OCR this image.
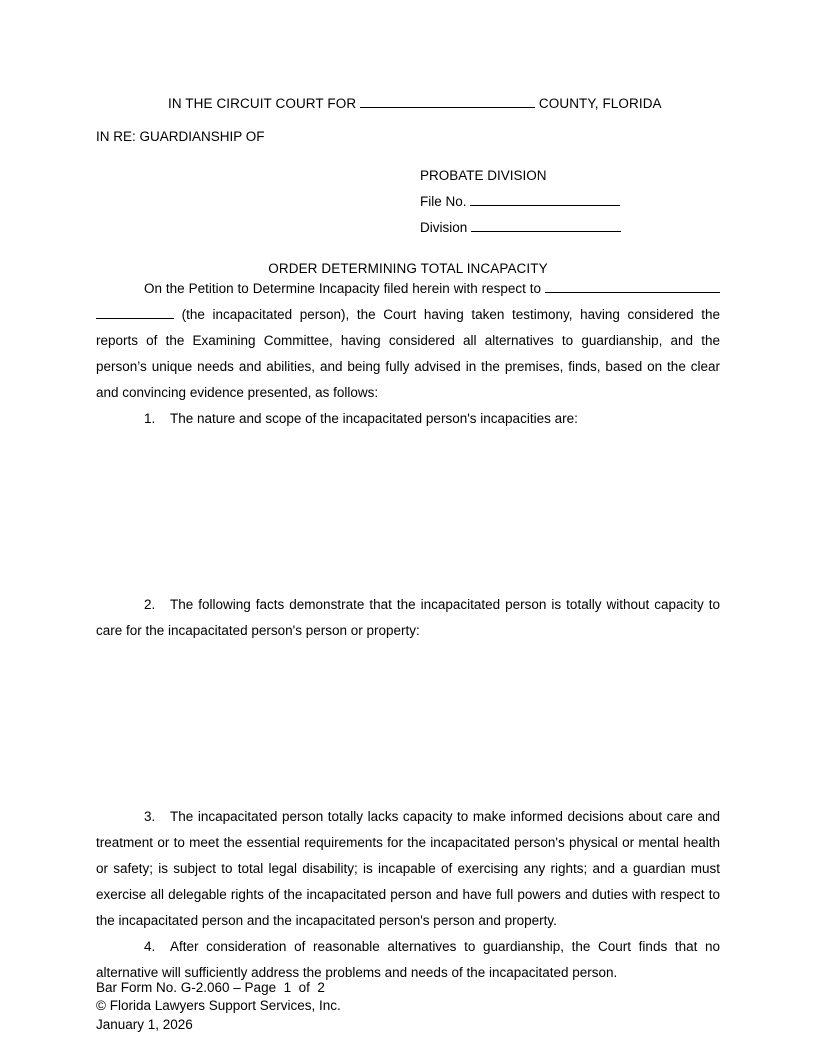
IN THE CIRCUIT COURT FOR	COUNTY, FLORIDA
IN RE: GUARDIANSHIP OF
PROBATE DIVISION
File No.
Division
ORDER DETERMINING TOTAL INCAPACITY

On the Petition to Determine Incapacity filed herein with respect to   (the incapacitated person), the Court having taken testimony, having considered the reports of the Examining Committee, having considered all alternatives to guardianship, and the person’s unique needs and abilities, and being fully advised in the premises, finds, based on the clear and convincing evidence presented, as follows:

1. The nature and scope of the incapacitated person's incapacities are:

2. The following facts demonstrate that the incapacitated person is totally without capacity to care for the incapacitated person's person or property:

3. The incapacitated person totally lacks capacity to make informed decisions about care and treatment or to meet the essential requirements for the incapacitated person's physical or mental health or safety; is subject to total legal disability; is incapable of exercising any rights; and a guardian must exercise all delegable rights of the incapacitated person and have full powers and duties with respect to the incapacitated person and the incapacitated person's person and property.

4. After consideration of reasonable alternatives to guardianship, the Court finds that no alternative will sufficiently address the problems and needs of the incapacitated person.

Bar Form No. G-2.060 – Page  1  of  2
© Florida Lawyers Support Services, Inc.
January 1, 2026
